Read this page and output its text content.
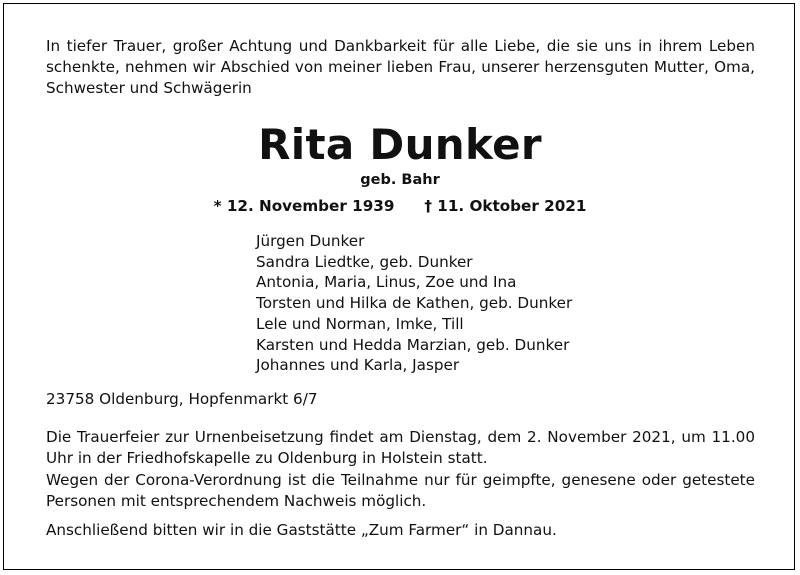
In tiefer Trauer, großer Achtung und Dankbarkeit für alle Liebe, die sie uns in ihrem Leben schenkte, nehmen wir Abschied von meiner lieben Frau, unserer herzensguten Mutter, Oma, Schwester und Schwägerin
Rita Dunker
geb. Bahr
* 12. November 1939 † 11. Oktober 2021
Jürgen Dunker
Sandra Liedtke, geb. Dunker
Antonia, Maria, Linus, Zoe und Ina
Torsten und Hilka de Kathen, geb. Dunker
Lele und Norman, Imke, Till
Karsten und Hedda Marzian, geb. Dunker
Johannes und Karla, Jasper
23758 Oldenburg, Hopfenmarkt 6/7
Die Trauerfeier zur Urnenbeisetzung findet am Dienstag, dem 2. November 2021, um 11.00 Uhr in der Friedhofskapelle zu Oldenburg in Holstein statt.
Wegen der Corona-Verordnung ist die Teilnahme nur für geimpfte, genesene oder getestete Personen mit entsprechendem Nachweis möglich.
Anschließend bitten wir in die Gaststätte „Zum Farmer“ in Dannau.
